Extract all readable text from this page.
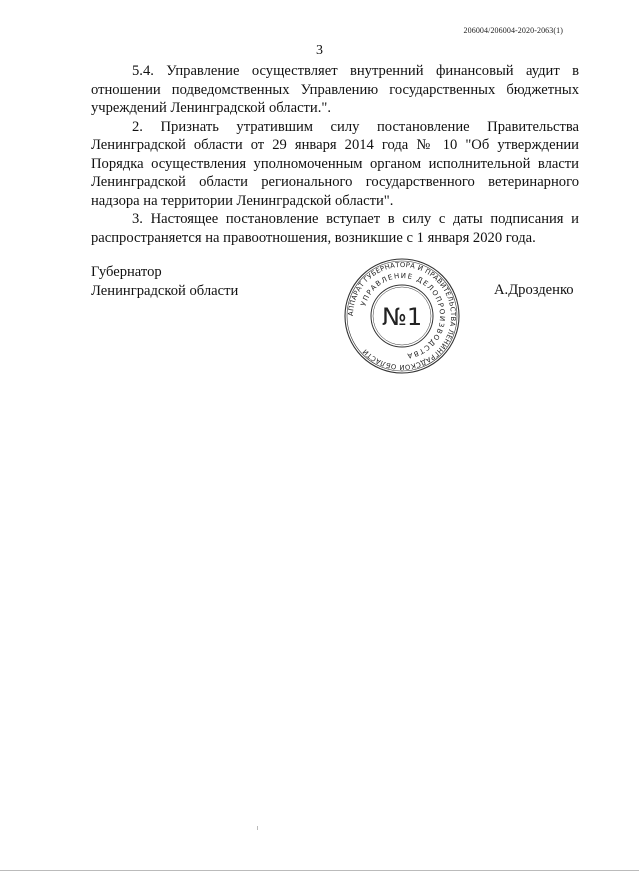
206004/206004-2020-2063(1)
3

5.4. Управление осуществляет внутренний финансовый аудит в отношении подведомственных Управлению государственных бюджетных учреждений Ленинградской области.".

2. Признать утратившим силу постановление Правительства Ленинградской области от 29 января 2014 года № 10 "Об утверждении Порядка осуществления уполномоченным органом исполнительной власти Ленинградской области регионального государственного ветеринарного надзора на территории Ленинградской области".

3. Настоящее постановление вступает в силу с даты подписания и распространяется на правоотношения, возникшие с 1 января 2020 года.

Губернатор
Ленинградской области	А.Дрозденко
АППАРАТ ГУБЕРНАТОРА И ПРАВИТЕЛЬСТВА ЛЕНИНГРАДСКОЙ ОБЛАСТИ
УПРАВЛЕНИЕ ДЕЛОПРОИЗВОДСТВА
№1
